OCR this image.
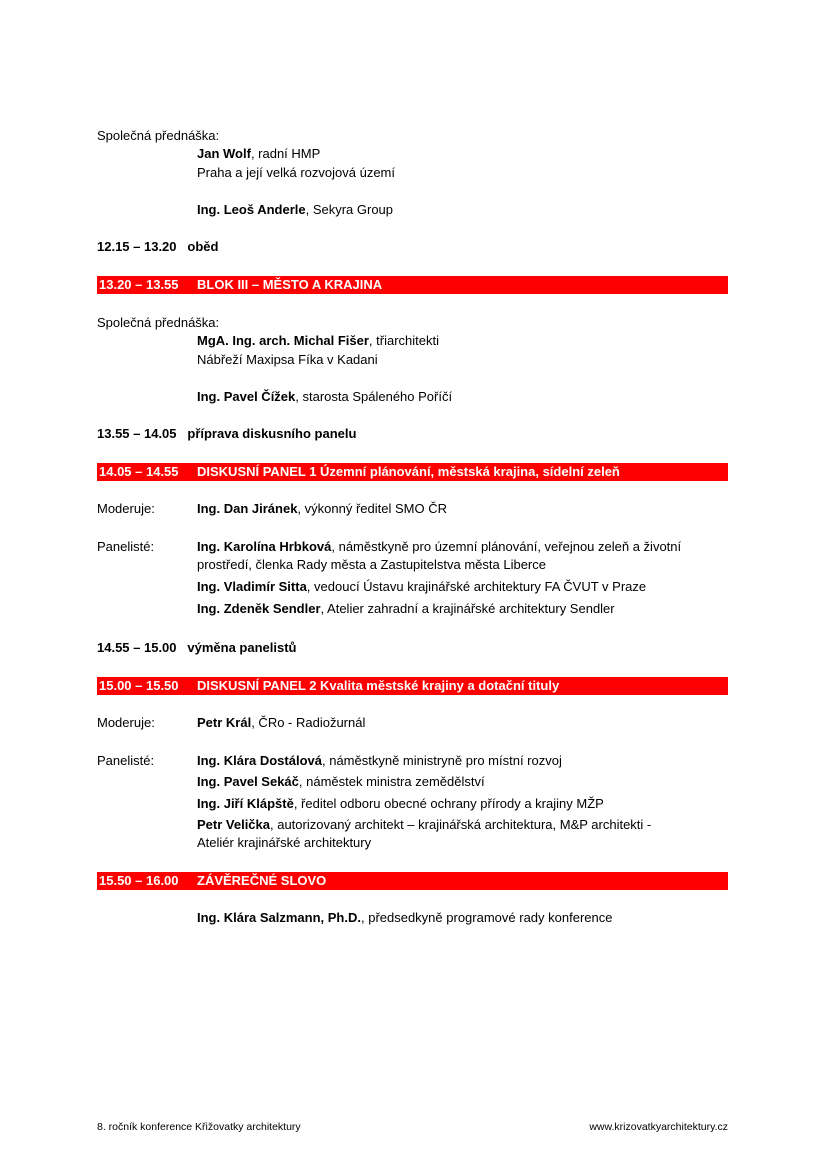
Společná přednáška:
Jan Wolf, radní HMP
Praha a její velká rozvojová území
Ing. Leoš Anderle, Sekyra Group
12.15 – 13.20 oběd
13.20 – 13.55 BLOK III – MĚSTO A KRAJINA
Společná přednáška:
MgA. Ing. arch. Michal Fišer, třiarchitekti
Nábřeží Maxipsa Fíka v Kadani
Ing. Pavel Čížek, starosta Spáleného Poříčí
13.55 – 14.05 příprava diskusního panelu
14.05 – 14.55 DISKUSNÍ PANEL 1 Územní plánování, městská krajina, sídelní zeleň
Moderuje:	Ing. Dan Jiránek, výkonný ředitel SMO ČR
Panelisté:	Ing. Karolína Hrbková, náměstkyně pro územní plánování, veřejnou zeleň a životní
prostředí, členka Rady města a Zastupitelstva města Liberce
Ing. Vladimír Sitta, vedoucí Ústavu krajinářské architektury FA ČVUT v Praze
Ing. Zdeněk Sendler, Atelier zahradní a krajinářské architektury Sendler
14.55 – 15.00 výměna panelistů
15.00 – 15.50 DISKUSNÍ PANEL 2 Kvalita městské krajiny a dotační tituly
Moderuje:	Petr Král, ČRo - Radiožurnál
Panelisté:	Ing. Klára Dostálová, náměstkyně ministryně pro místní rozvoj
Ing. Pavel Sekáč, náměstek ministra zemědělství
Ing. Jiří Klápště, ředitel odboru obecné ochrany přírody a krajiny MŽP
Petr Velička, autorizovaný architekt – krajinářská architektura, M&P architekti -
Ateliér krajinářské architektury
15.50 – 16.00 ZÁVĚREČNÉ SLOVO
Ing. Klára Salzmann, Ph.D., předsedkyně programové rady konference
8. ročník konference Křižovatky architektury	www.krizovatkyarchitektury.cz
